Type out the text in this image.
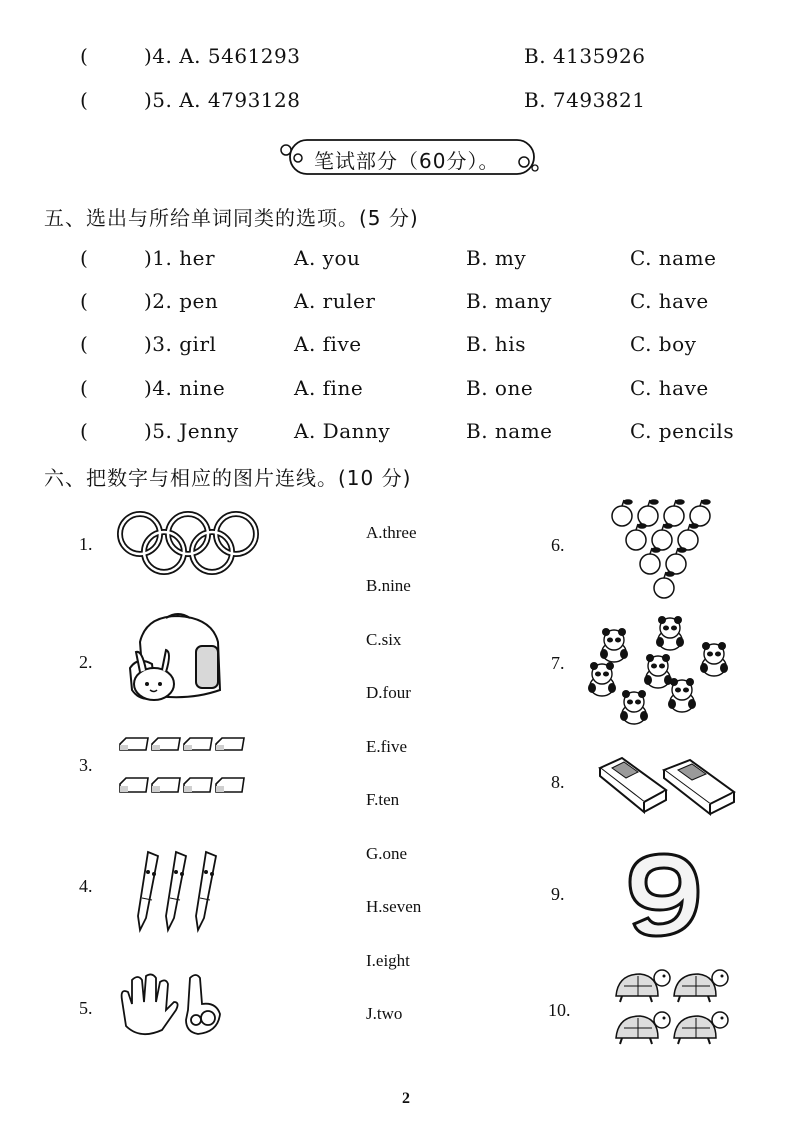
(	)4. A. 5461293	B. 4135926
(	)5. A. 4793128	B. 7493821
笔试部分（60分）。
五、选出与所给单词同类的选项。(5 分)
(	)1. her	A. you	B. my	C. name
(	)2. pen	A. ruler	B. many	C. have
(	)3. girl	A. five	B. his	C. boy
(	)4. nine	A. fine	B. one	C. have
(	)5. Jenny	A. Danny	B. name	C. pencils
六、把数字与相应的图片连线。(10 分)
1.
2.
3.
4.
5.
6.
7.
8.
9.
10.
A.three
B.nine
C.six
D.four
E.five
F.ten
G.one
H.seven
I.eight
J.two
2
